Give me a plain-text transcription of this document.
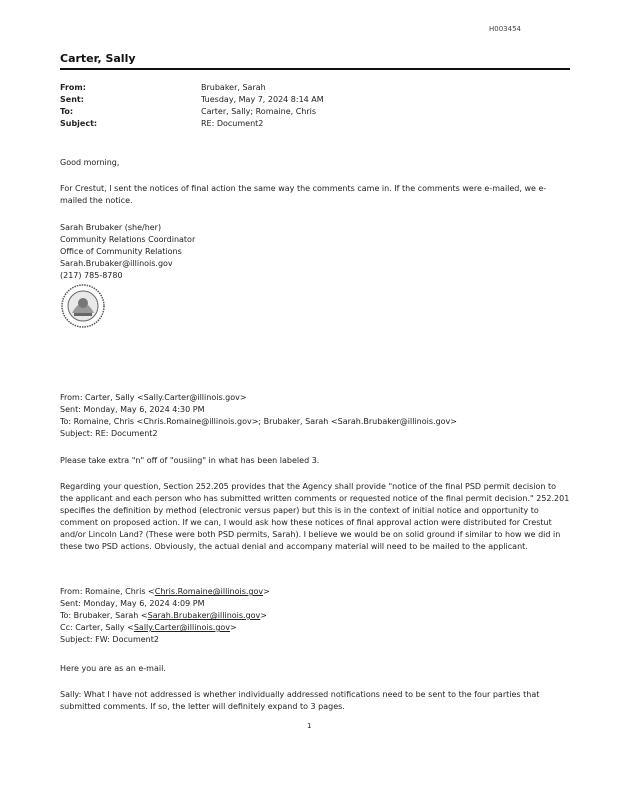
H003454
Carter, Sally
From:	Brubaker, Sarah
Sent:	Tuesday, May 7, 2024 8:14 AM
To:	Carter, Sally; Romaine, Chris
Subject:	RE: Document2
Good morning,
For Crestut, I sent the notices of final action the same way the comments came in. If the comments were e-mailed, we e-mailed the notice.
Sarah Brubaker (she/her)
Community Relations Coordinator
Office of Community Relations
Sarah.Brubaker@illinois.gov
(217) 785-8780
From: Carter, Sally <Sally.Carter@illinois.gov>
Sent: Monday, May 6, 2024 4:30 PM
To: Romaine, Chris <Chris.Romaine@illinois.gov>; Brubaker, Sarah <Sarah.Brubaker@illinois.gov>
Subject: RE: Document2
Please take extra "n" off of "ousiing" in what has been labeled 3.
Regarding your question, Section 252.205 provides that the Agency shall provide "notice of the final PSD permit decision to the applicant and each person who has submitted written comments or requested notice of the final permit decision." 252.201 specifies the definition by method (electronic versus paper) but this is in the context of initial notice and opportunity to comment on proposed action. If we can, I would ask how these notices of final approval action were distributed for Crestut and/or Lincoln Land? (These were both PSD permits, Sarah). I believe we would be on solid ground if similar to how we did in these two PSD actions. Obviously, the actual denial and accompany material will need to be mailed to the applicant.
From: Romaine, Chris <Chris.Romaine@illinois.gov>
Sent: Monday, May 6, 2024 4:09 PM
To: Brubaker, Sarah <Sarah.Brubaker@illinois.gov>
Cc: Carter, Sally <Sally.Carter@illinois.gov>
Subject: FW: Document2
Here you are as an e-mail.
Sally: What I have not addressed is whether individually addressed notifications need to be sent to the four parties that submitted comments. If so, the letter will definitely expand to 3 pages.
1
